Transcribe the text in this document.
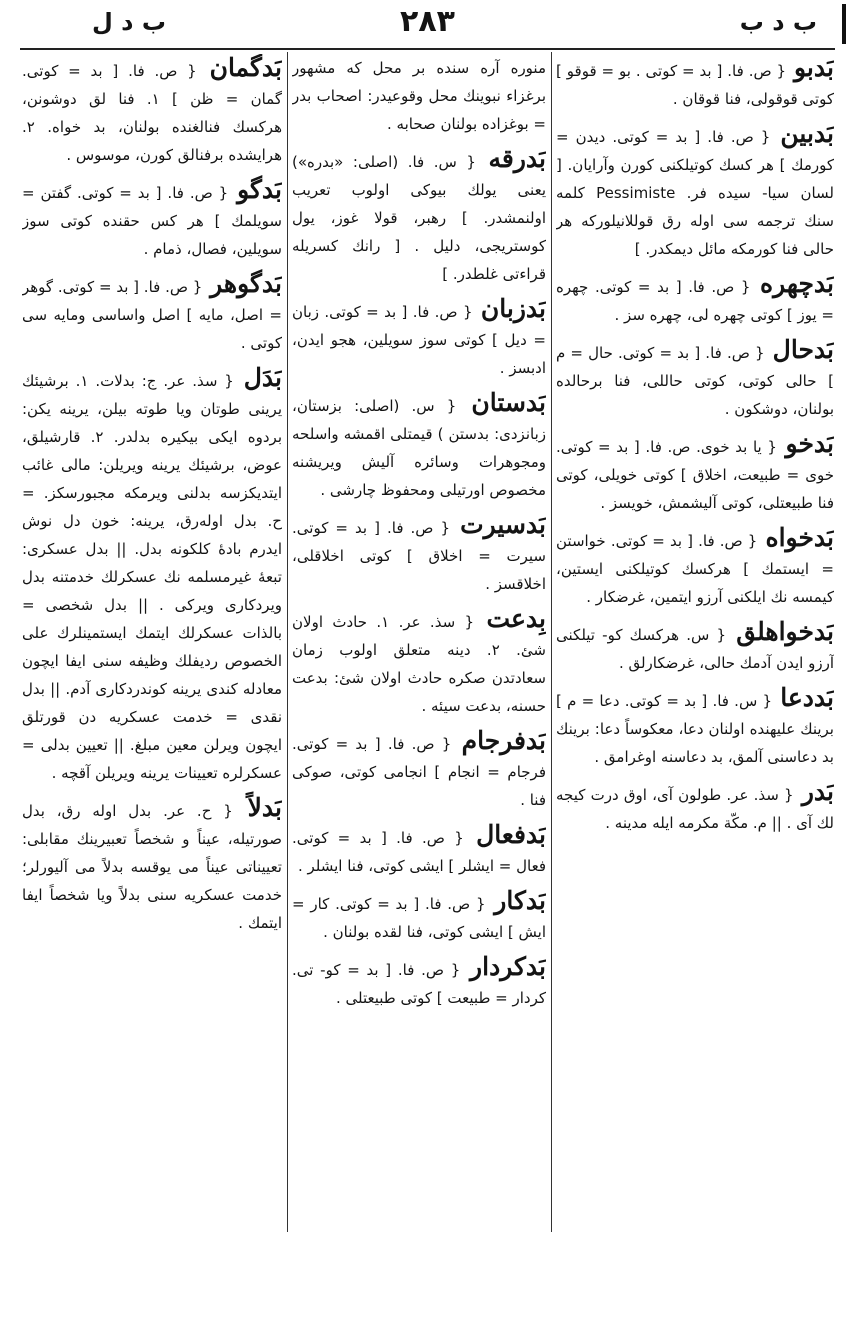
ب د ب
٢٨٣
ب د ل
بَدبو { ص. فا. [ بد = كوتى . بو = قوقو ] كوتى قوقولى، فنا قوقان .
بَدبين { ص. فا. [ بد = كوتى. ديدن = كورمك ] هر كسك كوتيلكنى كورن وآرايان. [ لسان سيا- سيده فر. Pessimiste كلمه سنك ترجمه سى اوله رق قوللانيلوركه هر حالى فنا كورمكه مائل ديمكدر. ]
بَدچهره { ص. فا. [ بد = كوتى. چهره = يوز ] كوتى چهره لى، چهره سز .
بَدحال { ص. فا. [ بد = كوتى. حال = م ] حالى كوتى، كوتى حاللى، فنا برحالده بولنان، دوشكون .
بَدخو { يا بد خوى. ص. فا. [ بد = كوتى. خوى = طبيعت، اخلاق ] كوتى خويلى، كوتى فنا طبيعتلى، كوتى آليشمش، خويسز .
بَدخواه { ص. فا. [ بد = كوتى. خواستن = ايستمك ] هركسك كوتيلكنى ايستين، كيمسه نك ايلكنى آرزو ايتمين، غرضكار .
بَدخواهلق { س. هركسك كو- تيلكنى آرزو ايدن آدمك حالى، غرضكارلق .
بَددعا { س. فا. [ بد = كوتى. دعا = م ] برينك عليهنده اولنان دعا، معكوساً دعا: برينك بد دعاسنى آلمق، بد دعاسنه اوغرامق .
بَدر { سذ. عر. طولون آى، اوق درت كيجه لك آى . || م. مكّة مكرمه ايله مدينه .
منوره آره سنده بر محل كه مشهور برغزاء نبوينك محل وقوعيدر: اصحاب بدر = بوغزاده بولنان صحابه .
بَدرقه { س. فا. (اصلى: «بدره») يعنى يولك بيوكى اولوب تعريب اولنمشدر. ] رهبر، قولا غوز، يول كوستريجى، دليل . [ رانك كسريله قراءتى غلطدر. ]
بَدزبان { ص. فا. [ بد = كوتى. زبان = ديل ] كوتى سوز سويلين، هجو ايدن، ادبسز .
بَدستان { س. (اصلى: بزستان، زبانزدى: بدستن ) قيمتلى اقمشه واسلحه ومجوهرات وسائره آليش ويريشنه مخصوص اورتيلى ومحفوظ چارشى .
بَدسيرت { ص. فا. [ بد = كوتى. سيرت = اخلاق ] كوتى اخلاقلى، اخلاقسز .
بِدعت { سذ. عر. ١. حادث اولان شئ. ٢. دينه متعلق اولوب زمان سعادتدن صكره حادث اولان شئ: بدعت حسنه، بدعت سيئه .
بَدفرجام { ص. فا. [ بد = كوتى. فرجام = انجام ] انجامى كوتى، صوكى فنا .
بَدفعال { ص. فا. [ بد = كوتى. فعال = ايشلر ] ايشى كوتى، فنا ايشلر .
بَدكار { ص. فا. [ بد = كوتى. كار = ايش ] ايشى كوتى، فنا لقده بولنان .
بَدكردار { ص. فا. [ بد = كو- تى. كردار = طبيعت ] كوتى طبيعتلى .
بَدگمان { ص. فا. [ بد = كوتى. گمان = ظن ] ١. فنا لق دوشونن، هركسك فنالغنده بولنان، بد خواه. ٢. هرايشده برفنالق كورن، موسوس .
بَدگو { ص. فا. [ بد = كوتى. گفتن = سويلمك ] هر كس حقنده كوتى سوز سويلين، فصال، ذمام .
بَدگوهر { ص. فا. [ بد = كوتى. گوهر = اصل، مايه ] اصل واساسى ومايه سى كوتى .
بَدَل { سذ. عر. ج: بدلات. ١. برشيئك يرينى طوتان ويا طوته بيلن، يرينه يكن: بردوه ايكى بيكيره بدلدر. ٢. قارشيلق، عوض، برشيئك يرينه ويريلن: مالى غائب ايتديكزسه بدلنى ويرمكه مجبورسكز. = ح. بدل اولەرق، يرينه: خون دل نوش ايدرم بادهٔ كلكونه بدل. || بدل عسكرى: تبعهٔ غيرمسلمه نك عسكرلك خدمتنه بدل ويردكارى ويركى . || بدل شخصى = بالذات عسكرلك ايتمك ايستمينلرك على الخصوص رديفلك وظيفه سنى ايفا ايچون معادله كندى يرينه كوندردكارى آدم. || بدل نقدى = خدمت عسكريه دن قورتلق ايچون ويرلن معين مبلغ. || تعيين بدلى = عسكرلره تعيينات يرينه ويريلن آقچه .
بَدلاً { ح. عر. بدل اوله رق، بدل صورتيله، عيناً و شخصاً تعبيرينك مقابلى: تعييناتى عيناً مى يوقسه بدلاً مى آليورلر؛ خدمت عسكريه سنى بدلاً ويا شخصاً ايفا ايتمك .
